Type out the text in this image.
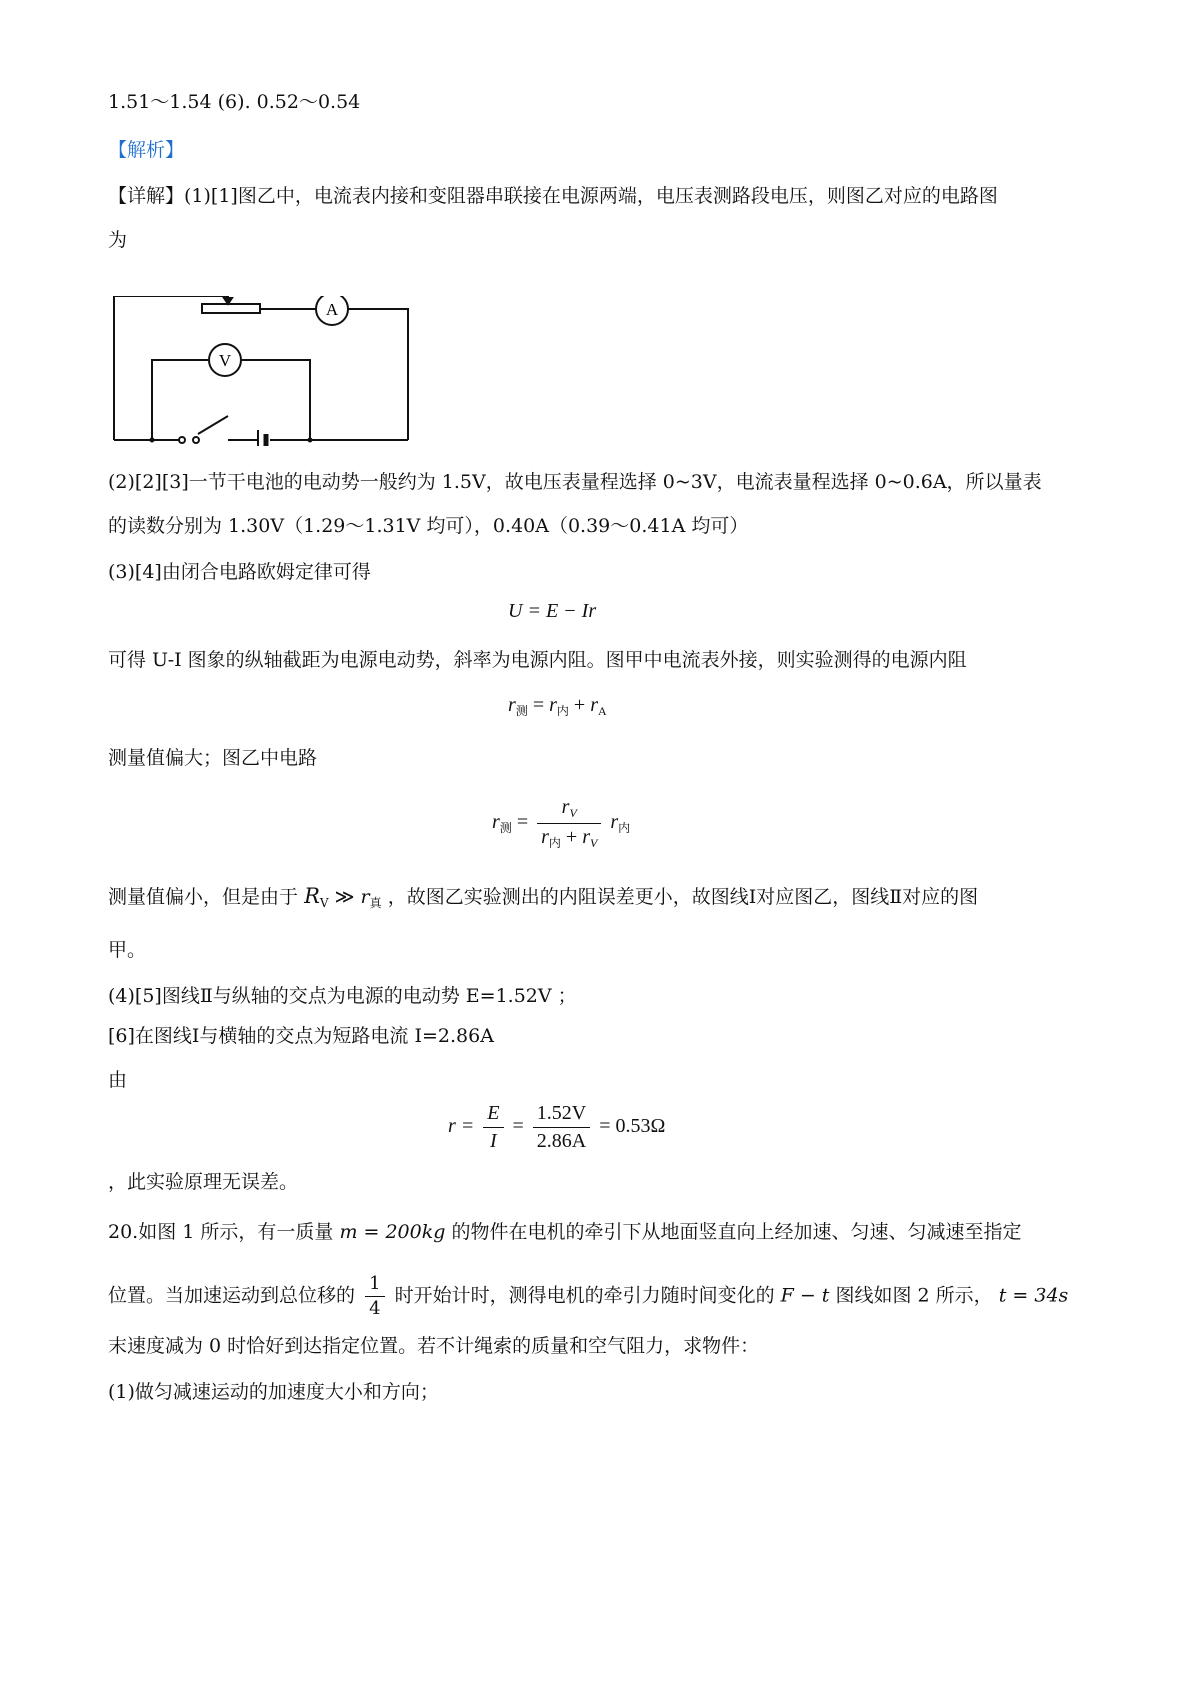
1.51～1.54 (6). 0.52～0.54
【解析】
【详解】(1)[1]图乙中，电流表内接和变阻器串联接在电源两端，电压表测路段电压，则图乙对应的电路图
为
A
V
(2)[2][3]一节干电池的电动势一般约为 1.5V，故电压表量程选择 0~3V，电流表量程选择 0~0.6A，所以量表
的读数分别为 1.30V（1.29～1.31V 均可），0.40A（0.39～0.41A 均可）
(3)[4]由闭合电路欧姆定律可得
U = E − Ir
可得 U-I 图象的纵轴截距为电源电动势，斜率为电源内阻。图甲中电流表外接，则实验测得的电源内阻
$r_测 = r_内 + r_A$
测量值偏大；图乙中电路
$r_测 = \frac{r_V}{r_内 + r_V} r_内$
测量值偏小，但是由于 $R_V$ ≫ $r_真$ ，故图乙实验测出的内阻误差更小，故图线Ⅰ对应图乙，图线Ⅱ对应的图
甲。
(4)[5]图线Ⅱ与纵轴的交点为电源的电动势 E=1.52V ；
[6]在图线Ⅰ与横轴的交点为短路电流 I=2.86A
由
$r = \frac{E}{I} = \frac{1.52V}{2.86A} = 0.53\Omega$
，此实验原理无误差。
20.如图 1 所示，有一质量 m = 200kg 的物件在电机的牵引下从地面竖直向上经加速、匀速、匀减速至指定
位置。当加速运动到总位移的 $\frac{1}{4}$ 时开始计时，测得电机的牵引力随时间变化的 F − t 图线如图 2 所示， t = 34s
末速度减为 0 时恰好到达指定位置。若不计绳索的质量和空气阻力，求物件：
(1)做匀减速运动的加速度大小和方向；
